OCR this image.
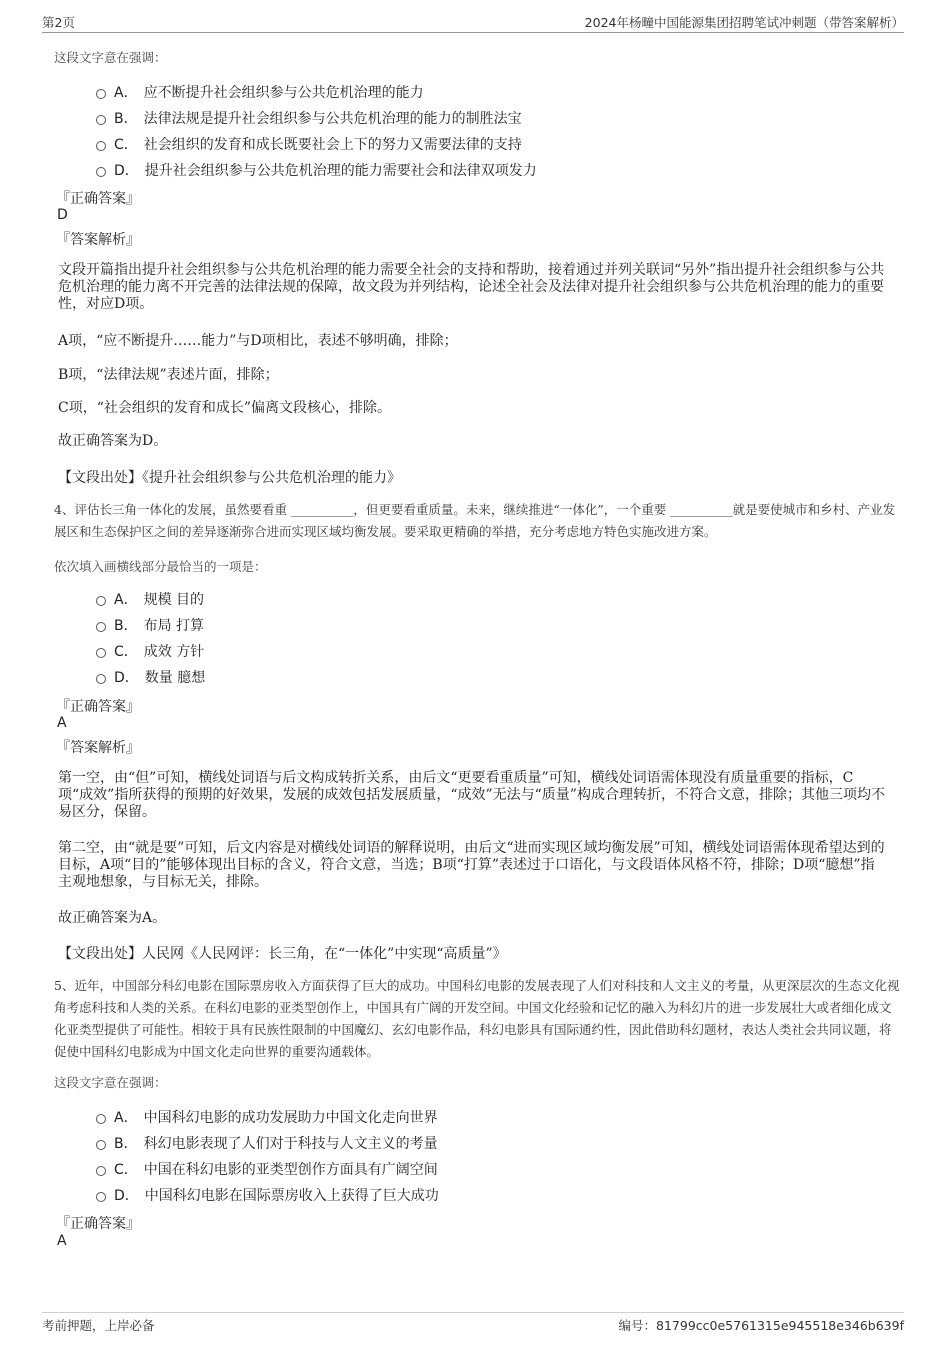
第2页	2024年杨疃中国能源集团招聘笔试冲刺题（带答案解析）
这段文字意在强调：
A． 应不断提升社会组织参与公共危机治理的能力
B． 法律法规是提升社会组织参与公共危机治理的能力的制胜法宝
C． 社会组织的发育和成长既要社会上下的努力又需要法律的支持
D． 提升社会组织参与公共危机治理的能力需要社会和法律双项发力
『正确答案』
D
『答案解析』
文段开篇指出提升社会组织参与公共危机治理的能力需要全社会的支持和帮助，接着通过并列关联词“另外”指出提升社会组织参与公共危机治理的能力离不开完善的法律法规的保障，故文段为并列结构，论述全社会及法律对提升社会组织参与公共危机治理的能力的重要性，对应D项。
A项，“应不断提升……能力”与D项相比，表述不够明确，排除；
B项，“法律法规”表述片面，排除；
C项，“社会组织的发育和成长”偏离文段核心，排除。
故正确答案为D。
【文段出处】《提升社会组织参与公共危机治理的能力》
4、评估长三角一体化的发展，虽然要看重 __________，但更要看重质量。未来，继续推进“一体化”，一个重要 __________就是要使城市和乡村、产业发展区和生态保护区之间的差异逐渐弥合进而实现区域均衡发展。要采取更精确的举措，充分考虑地方特色实施改进方案。
依次填入画横线部分最恰当的一项是：
A． 规模 目的
B． 布局 打算
C． 成效 方针
D． 数量 臆想
『正确答案』
A
『答案解析』
第一空，由“但”可知，横线处词语与后文构成转折关系，由后文“更要看重质量”可知，横线处词语需体现没有质量重要的指标，C项“成效”指所获得的预期的好效果，发展的成效包括发展质量，“成效”无法与“质量”构成合理转折，不符合文意，排除；其他三项均不易区分，保留。
第二空，由“就是要”可知，后文内容是对横线处词语的解释说明，由后文“进而实现区域均衡发展”可知，横线处词语需体现希望达到的目标，A项“目的”能够体现出目标的含义，符合文意，当选；B项“打算”表述过于口语化，与文段语体风格不符，排除；D项“臆想”指主观地想象，与目标无关，排除。
故正确答案为A。
【文段出处】人民网《人民网评：长三角，在“一体化”中实现“高质量”》
5、近年，中国部分科幻电影在国际票房收入方面获得了巨大的成功。中国科幻电影的发展表现了人们对科技和人文主义的考量，从更深层次的生态文化视角考虑科技和人类的关系。在科幻电影的亚类型创作上，中国具有广阔的开发空间。中国文化经验和记忆的融入为科幻片的进一步发展壮大或者细化成文化亚类型提供了可能性。相较于具有民族性限制的中国魔幻、玄幻电影作品，科幻电影具有国际通约性，因此借助科幻题材，表达人类社会共同议题，将促使中国科幻电影成为中国文化走向世界的重要沟通载体。
这段文字意在强调：
A． 中国科幻电影的成功发展助力中国文化走向世界
B． 科幻电影表现了人们对于科技与人文主义的考量
C． 中国在科幻电影的亚类型创作方面具有广阔空间
D． 中国科幻电影在国际票房收入上获得了巨大成功
『正确答案』
A
考前押题，上岸必备	编号：81799cc0e5761315e945518e346b639f
